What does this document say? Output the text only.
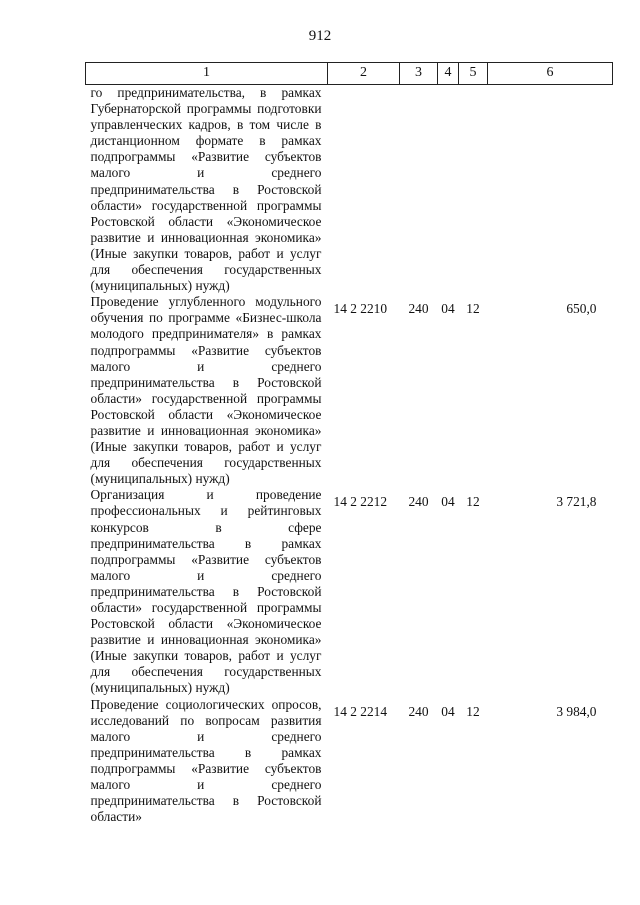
912
1	2	3	4	5	6
го предпринимательства, в рамках Губернаторской программы подготовки управленческих кадров, в том числе в дистанционном формате в рамках подпрограммы «Развитие субъектов малого и среднего предпринимательства в Ростовской области» государственной программы Ростовской области «Экономическое развитие и инновационная экономика» (Иные закупки товаров, работ и услуг для обеспечения государственных (муниципальных) нужд)					
Проведение углубленного модульного обучения по программе «Бизнес-школа молодого предпринимателя» в рамках подпрограммы «Развитие субъектов малого и среднего предпринимательства в Ростовской области» государственной программы Ростовской области «Экономическое развитие и инновационная экономика» (Иные закупки товаров, работ и услуг для обеспечения государственных (муниципальных) нужд)	14 2 2210	240	04	12	650,0
Организация и проведение профессиональных и рейтинговых конкурсов в сфере предпринимательства в рамках подпрограммы «Развитие субъектов малого и среднего предпринимательства в Ростовской области» государственной программы Ростовской области «Экономическое развитие и инновационная экономика» (Иные закупки товаров, работ и услуг для обеспечения государственных (муниципальных) нужд)	14 2 2212	240	04	12	3 721,8
Проведение социологических опросов, исследований по вопросам развития малого и среднего предпринимательства в рамках подпрограммы «Развитие субъектов малого и среднего предпринимательства в Ростовской области»	14 2 2214	240	04	12	3 984,0
